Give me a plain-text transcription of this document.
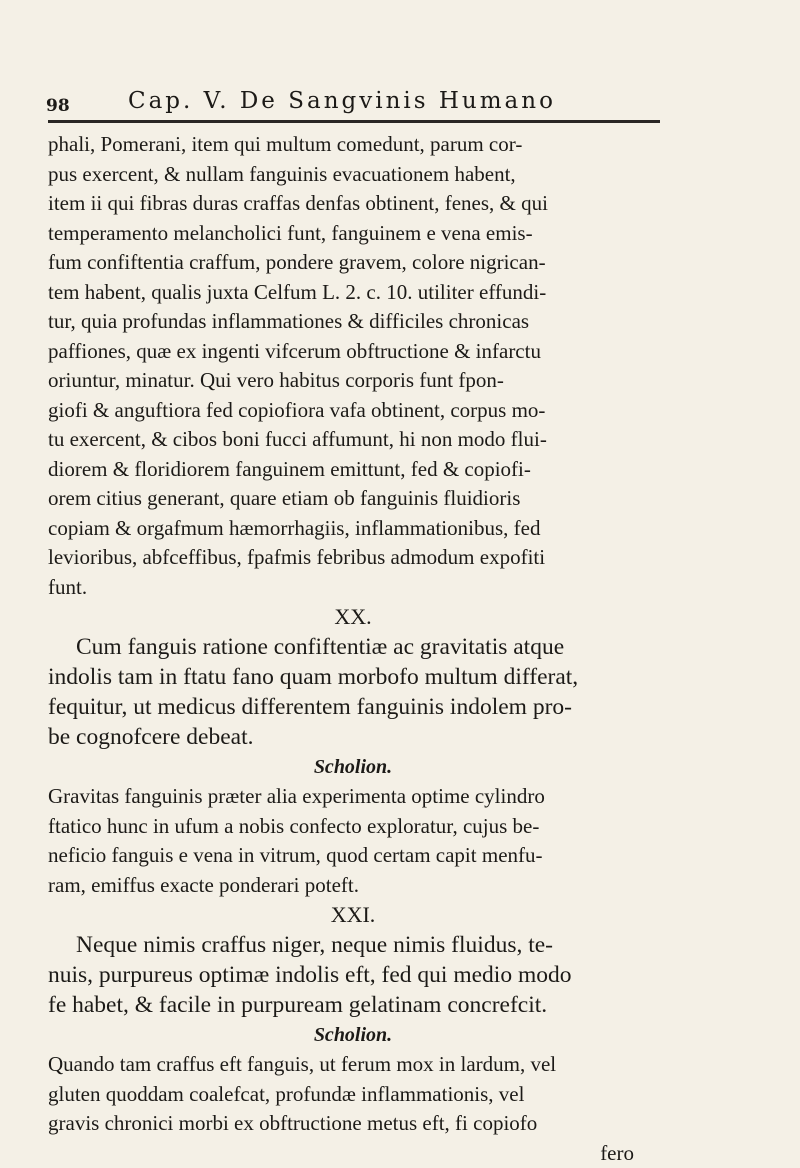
98	Cap. V. De Sangvinis Humano
phali, Pomerani, item qui multum comedunt, parum cor-
pus exercent, & nullam fanguinis evacuationem habent,
item ii qui fibras duras craffas denfas obtinent, fenes, & qui
temperamento melancholici funt, fanguinem e vena emis-
fum confiftentia craffum, pondere gravem, colore nigrican-
tem habent, qualis juxta Celfum L. 2. c. 10. utiliter effundi-
tur, quia profundas inflammationes & difficiles chronicas
paffiones, quæ ex ingenti vifcerum obftructione & infarctu
oriuntur, minatur. Qui vero habitus corporis funt fpon-
giofi & anguftiora fed copiofiora vafa obtinent, corpus mo-
tu exercent, & cibos boni fucci affumunt, hi non modo flui-
diorem & floridiorem fanguinem emittunt, fed & copiofi-
orem citius generant, quare etiam ob fanguinis fluidioris
copiam & orgafmum hæmorrhagiis, inflammationibus, fed
levioribus, abfceffibus, fpafmis febribus admodum expofiti
funt.
XX.
Cum fanguis ratione confiftentiæ ac gravitatis atque
indolis tam in ftatu fano quam morbofo multum differat,
fequitur, ut medicus differentem fanguinis indolem pro-
be cognofcere debeat.
Scholion.
Gravitas fanguinis præter alia experimenta optime cylindro
ftatico hunc in ufum a nobis confecto exploratur, cujus be-
neficio fanguis e vena in vitrum, quod certam capit menfu-
ram, emiffus exacte ponderari poteft.
XXI.
Neque nimis craffus niger, neque nimis fluidus, te-
nuis, purpureus optimæ indolis eft, fed qui medio modo
fe habet, & facile in purpuream gelatinam concrefcit.
Scholion.
Quando tam craffus eft fanguis, ut ferum mox in lardum, vel
gluten quoddam coalefcat, profundæ inflammationis, vel
gravis chronici morbi ex obftructione metus eft, fi copiofo
fero
